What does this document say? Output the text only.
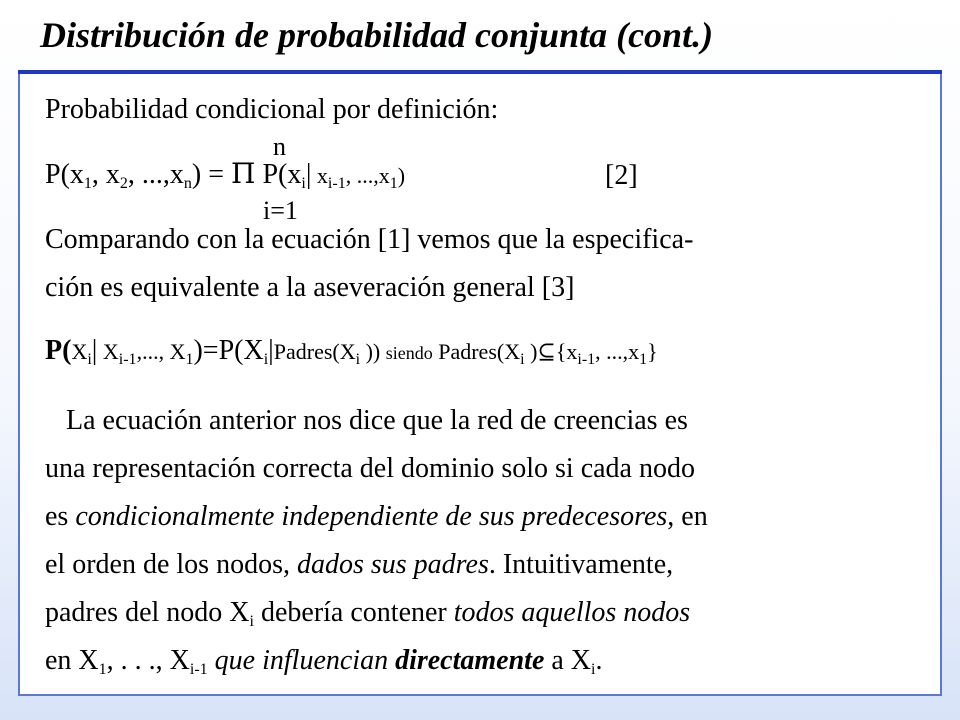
Distribución de probabilidad conjunta (cont.)
Probabilidad condicional por definición:
n
$P(x_1$, $x_2$, $...,x_n) = \Pi$ $P(x_i|$ $x_{i-1}$, $...,x_1$)	[2]
i=1
Comparando con la ecuación [1] vemos que la especifica-
ción es equivalente a la aseveración general [3]
$P(X_i|$ $X_{i-1}$,..., $X_1)=P(X_i|Padres(X_i$ )) siendo $Padres(X_i$ )$⊆\{x_{i-1}$, $...,x_1$}
La ecuación anterior nos dice que la red de creencias es
una representación correcta del dominio solo si cada nodo
es condicionalmente independiente de sus predecesores, en
el orden de los nodos, dados sus padres. Intuitivamente,
padres del nodo $X_i$ debería contener todos aquellos nodos
en $X_1$, . . ., $X_{i-1}$ que influencian directamente a $X_i$.
